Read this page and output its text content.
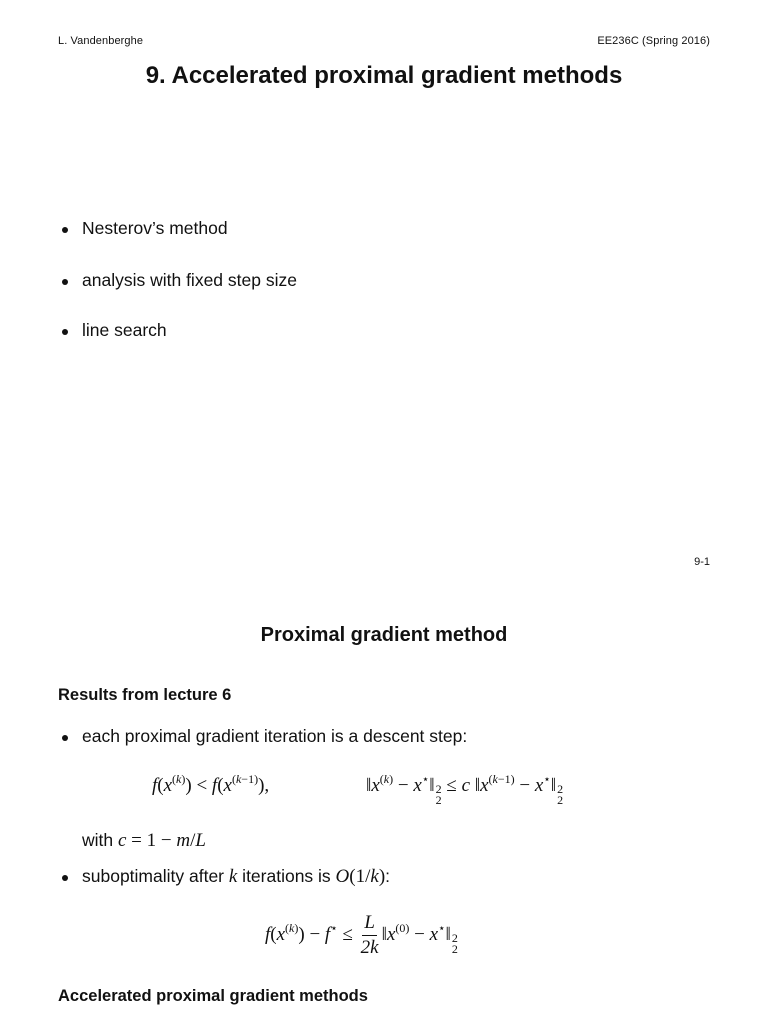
L. Vandenberghe	EE236C (Spring 2016)
9. Accelerated proximal gradient methods
Nesterov’s method
analysis with fixed step size
line search
9-1
Proximal gradient method
Results from lecture 6
each proximal gradient iteration is a descent step:
$f(x^{(k)}) < f(x^{(k-1)})$,	$‖x^{(k)}$ − x⋆‖ 2
2
≤ c $‖x^{(k-1)}$ − x⋆‖ 2
2
with c = 1 − m/L
suboptimality after k iterations is O(1/k):
$f(x^{(k)}) - f^⋆ \le \frac{L}{2k}$ $‖x^{(0)}$ − x⋆‖ 2
2
Accelerated proximal gradient methods
